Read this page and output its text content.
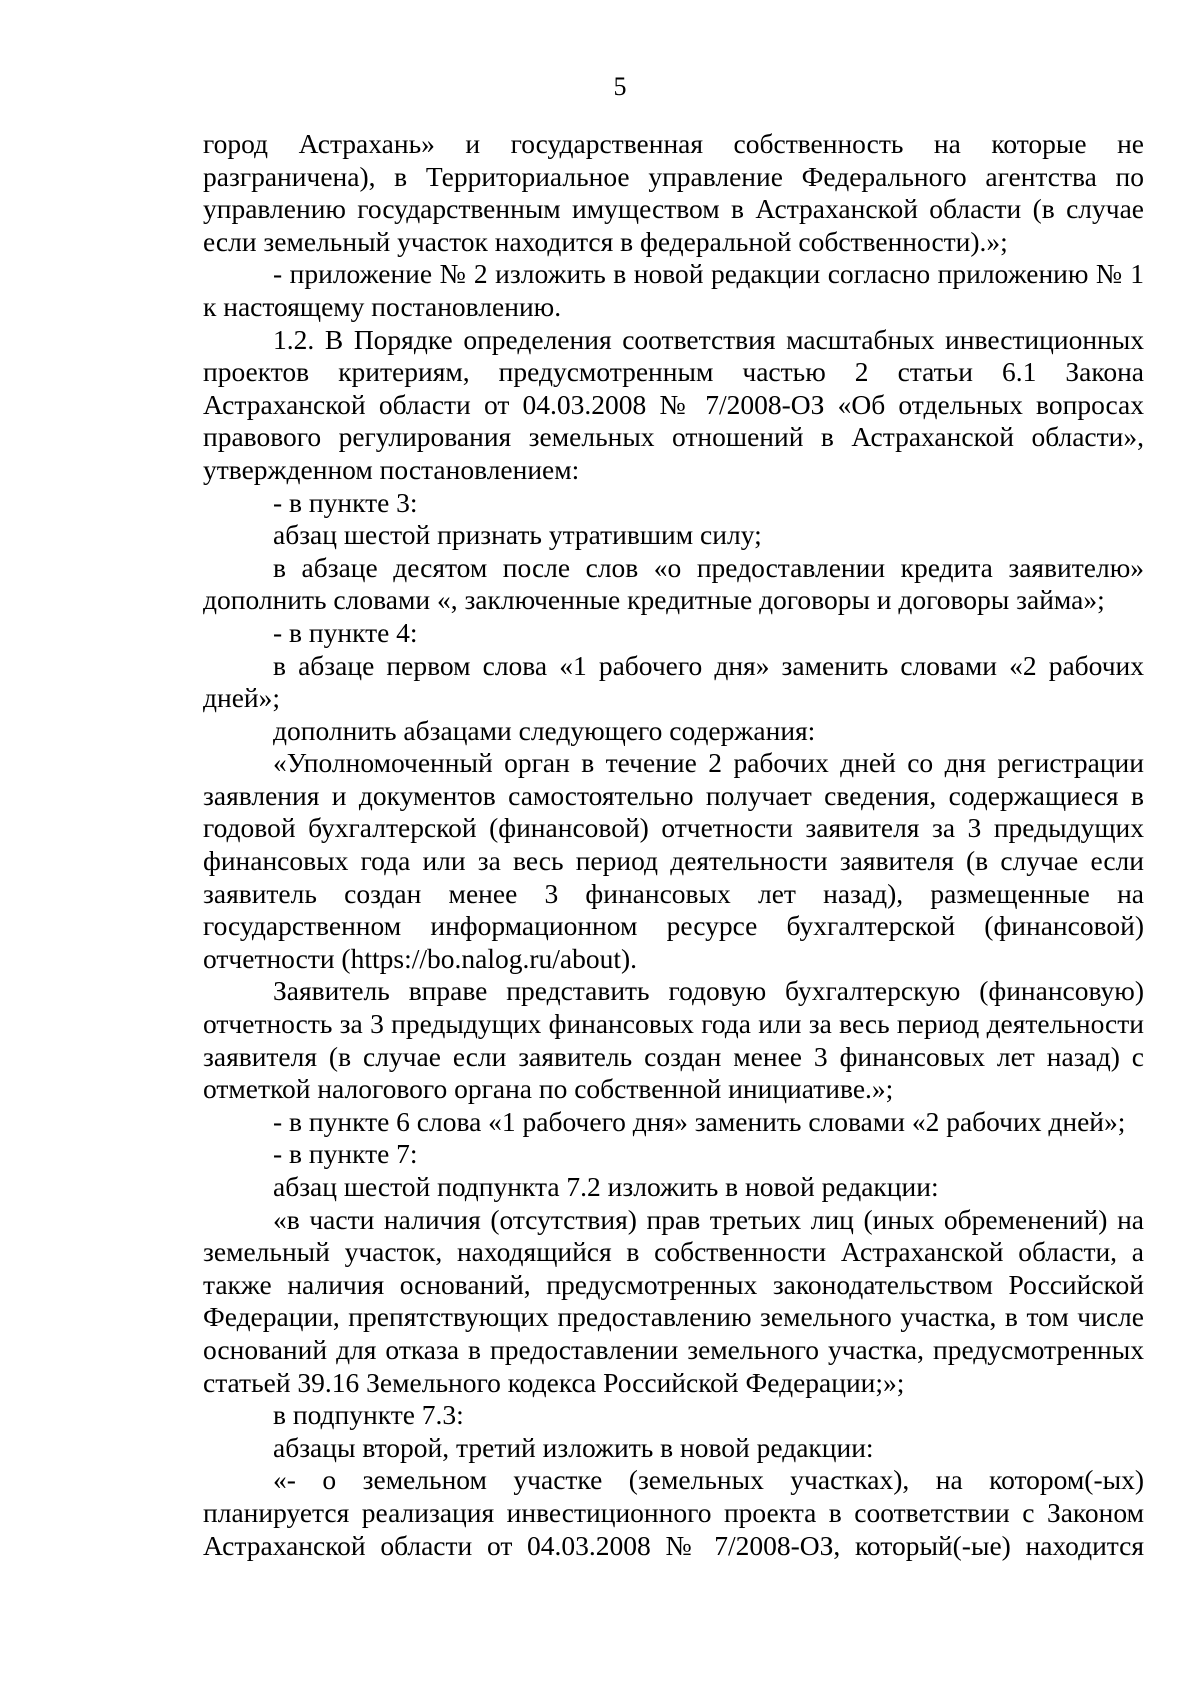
5

город Астрахань» и государственная собственность на которые не разграничена), в Территориальное управление Федерального агентства по управлению государственным имуществом в Астраханской области (в случае если земельный участок находится в федеральной собственности).»;

- приложение № 2 изложить в новой редакции согласно приложению № 1 к настоящему постановлению.

1.2. В Порядке определения соответствия масштабных инвестиционных проектов критериям, предусмотренным частью 2 статьи 6.1 Закона Астраханской области от 04.03.2008 № 7/2008-ОЗ «Об отдельных вопросах правового регулирования земельных отношений в Астраханской области», утвержденном постановлением:

- в пункте 3:

абзац шестой признать утратившим силу;

в абзаце десятом после слов «о предоставлении кредита заявителю» дополнить словами «, заключенные кредитные договоры и договоры займа»;

- в пункте 4:

в абзаце первом слова «1 рабочего дня» заменить словами «2 рабочих дней»;

дополнить абзацами следующего содержания:

«Уполномоченный орган в течение 2 рабочих дней со дня регистрации заявления и документов самостоятельно получает сведения, содержащиеся в годовой бухгалтерской (финансовой) отчетности заявителя за 3 предыдущих финансовых года или за весь период деятельности заявителя (в случае если заявитель создан менее 3 финансовых лет назад), размещенные на государственном информационном ресурсе бухгалтерской (финансовой) отчетности (https://bo.nalog.ru/about).

Заявитель вправе представить годовую бухгалтерскую (финансовую) отчетность за 3 предыдущих финансовых года или за весь период деятельности заявителя (в случае если заявитель создан менее 3 финансовых лет назад) с отметкой налогового органа по собственной инициативе.»;

- в пункте 6 слова «1 рабочего дня» заменить словами «2 рабочих дней»;

- в пункте 7:

абзац шестой подпункта 7.2 изложить в новой редакции:

«в части наличия (отсутствия) прав третьих лиц (иных обременений) на земельный участок, находящийся в собственности Астраханской области, а также наличия оснований, предусмотренных законодательством Российской Федерации, препятствующих предоставлению земельного участка, в том числе оснований для отказа в предоставлении земельного участка, предусмотренных статьей 39.16 Земельного кодекса Российской Федерации;»;

в подпункте 7.3:

абзацы второй, третий изложить в новой редакции:

«- о земельном участке (земельных участках), на котором(-ых) планируется реализация инвестиционного проекта в соответствии с Законом Астраханской области от 04.03.2008 № 7/2008-ОЗ, который(-ые) находится
